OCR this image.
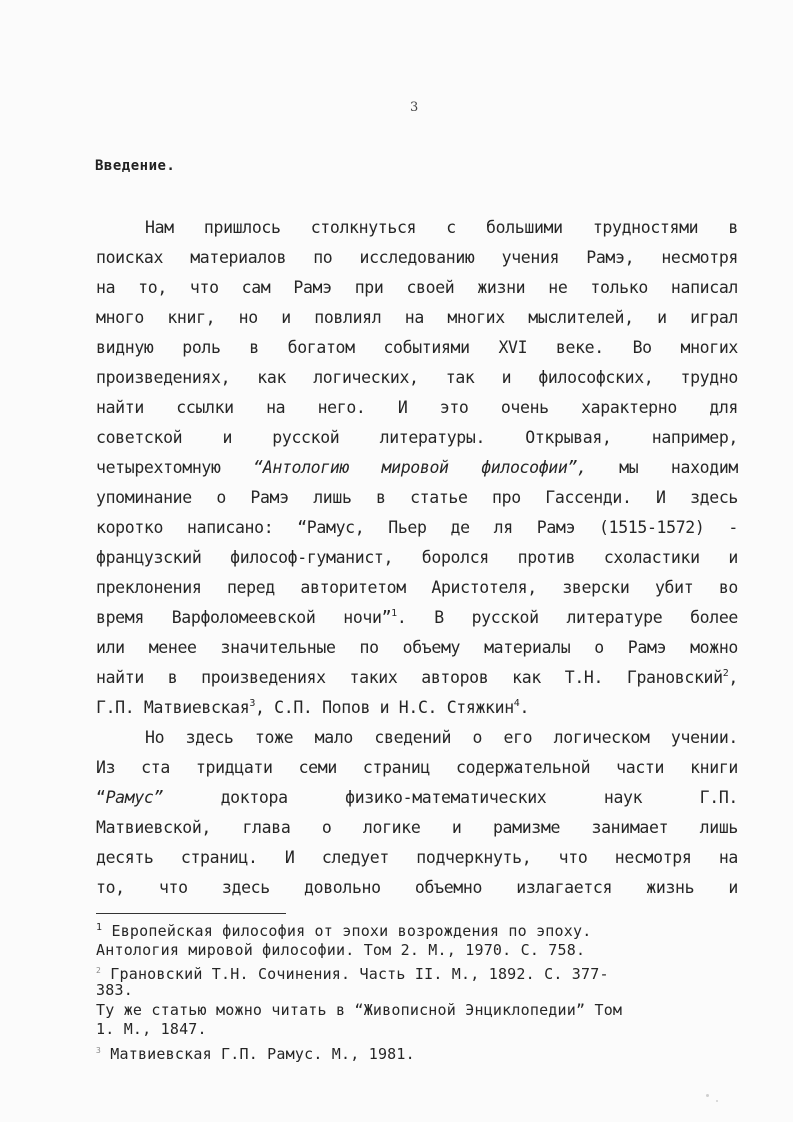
3
Введение.
Нам пришлось столкнуться с большими трудностями в
поисках материалов по исследованию учения Рамэ, несмотря
на то, что сам Рамэ при своей жизни не только написал
много книг, но и повлиял на многих мыслителей, и играл
видную роль в богатом событиями XVI веке. Во многих
произведениях, как логических, так и философских, трудно
найти ссылки на него. И это очень характерно для
советской и русской литературы. Открывая, например,
четырехтомную “Антологию мировой философии”, мы находим
упоминание о Рамэ лишь в статье про Гассенди. И здесь
коротко написано: “Рамус, Пьер де ля Рамэ (1515-1572) -
французский философ-гуманист, боролся против схоластики и
преклонения перед авторитетом Аристотеля, зверски убит во
время Варфоломеевской ночи”$^1$. В русской литературе более
или менее значительные по объему материалы о Рамэ можно
найти в произведениях таких авторов как Т.Н. Грановский$^2$,
Г.П. Матвиевская$^3$, С.П. Попов и Н.С. Стяжкин$^4$.
Но здесь тоже мало сведений о его логическом учении.
Из ста тридцати семи страниц содержательной части книги
“Рамус” доктора физико-математических наук Г.П.
Матвиевской, глава о логике и рамизме занимает лишь
десять страниц. И следует подчеркнуть, что несмотря на
то, что здесь довольно объемно излагается жизнь и
$^1$ Европейская философия от эпохи возрождения по эпоху.
Антология мировой философии. Том 2. М., 1970. С. 758.
$^2$ Грановский Т.Н. Сочинения. Часть II. М., 1892. С. 377-
383.
Ту же статью можно читать в “Живописной Энциклопедии” Том
1. М., 1847.
$^3$ Матвиевская Г.П. Рамус. М., 1981.
